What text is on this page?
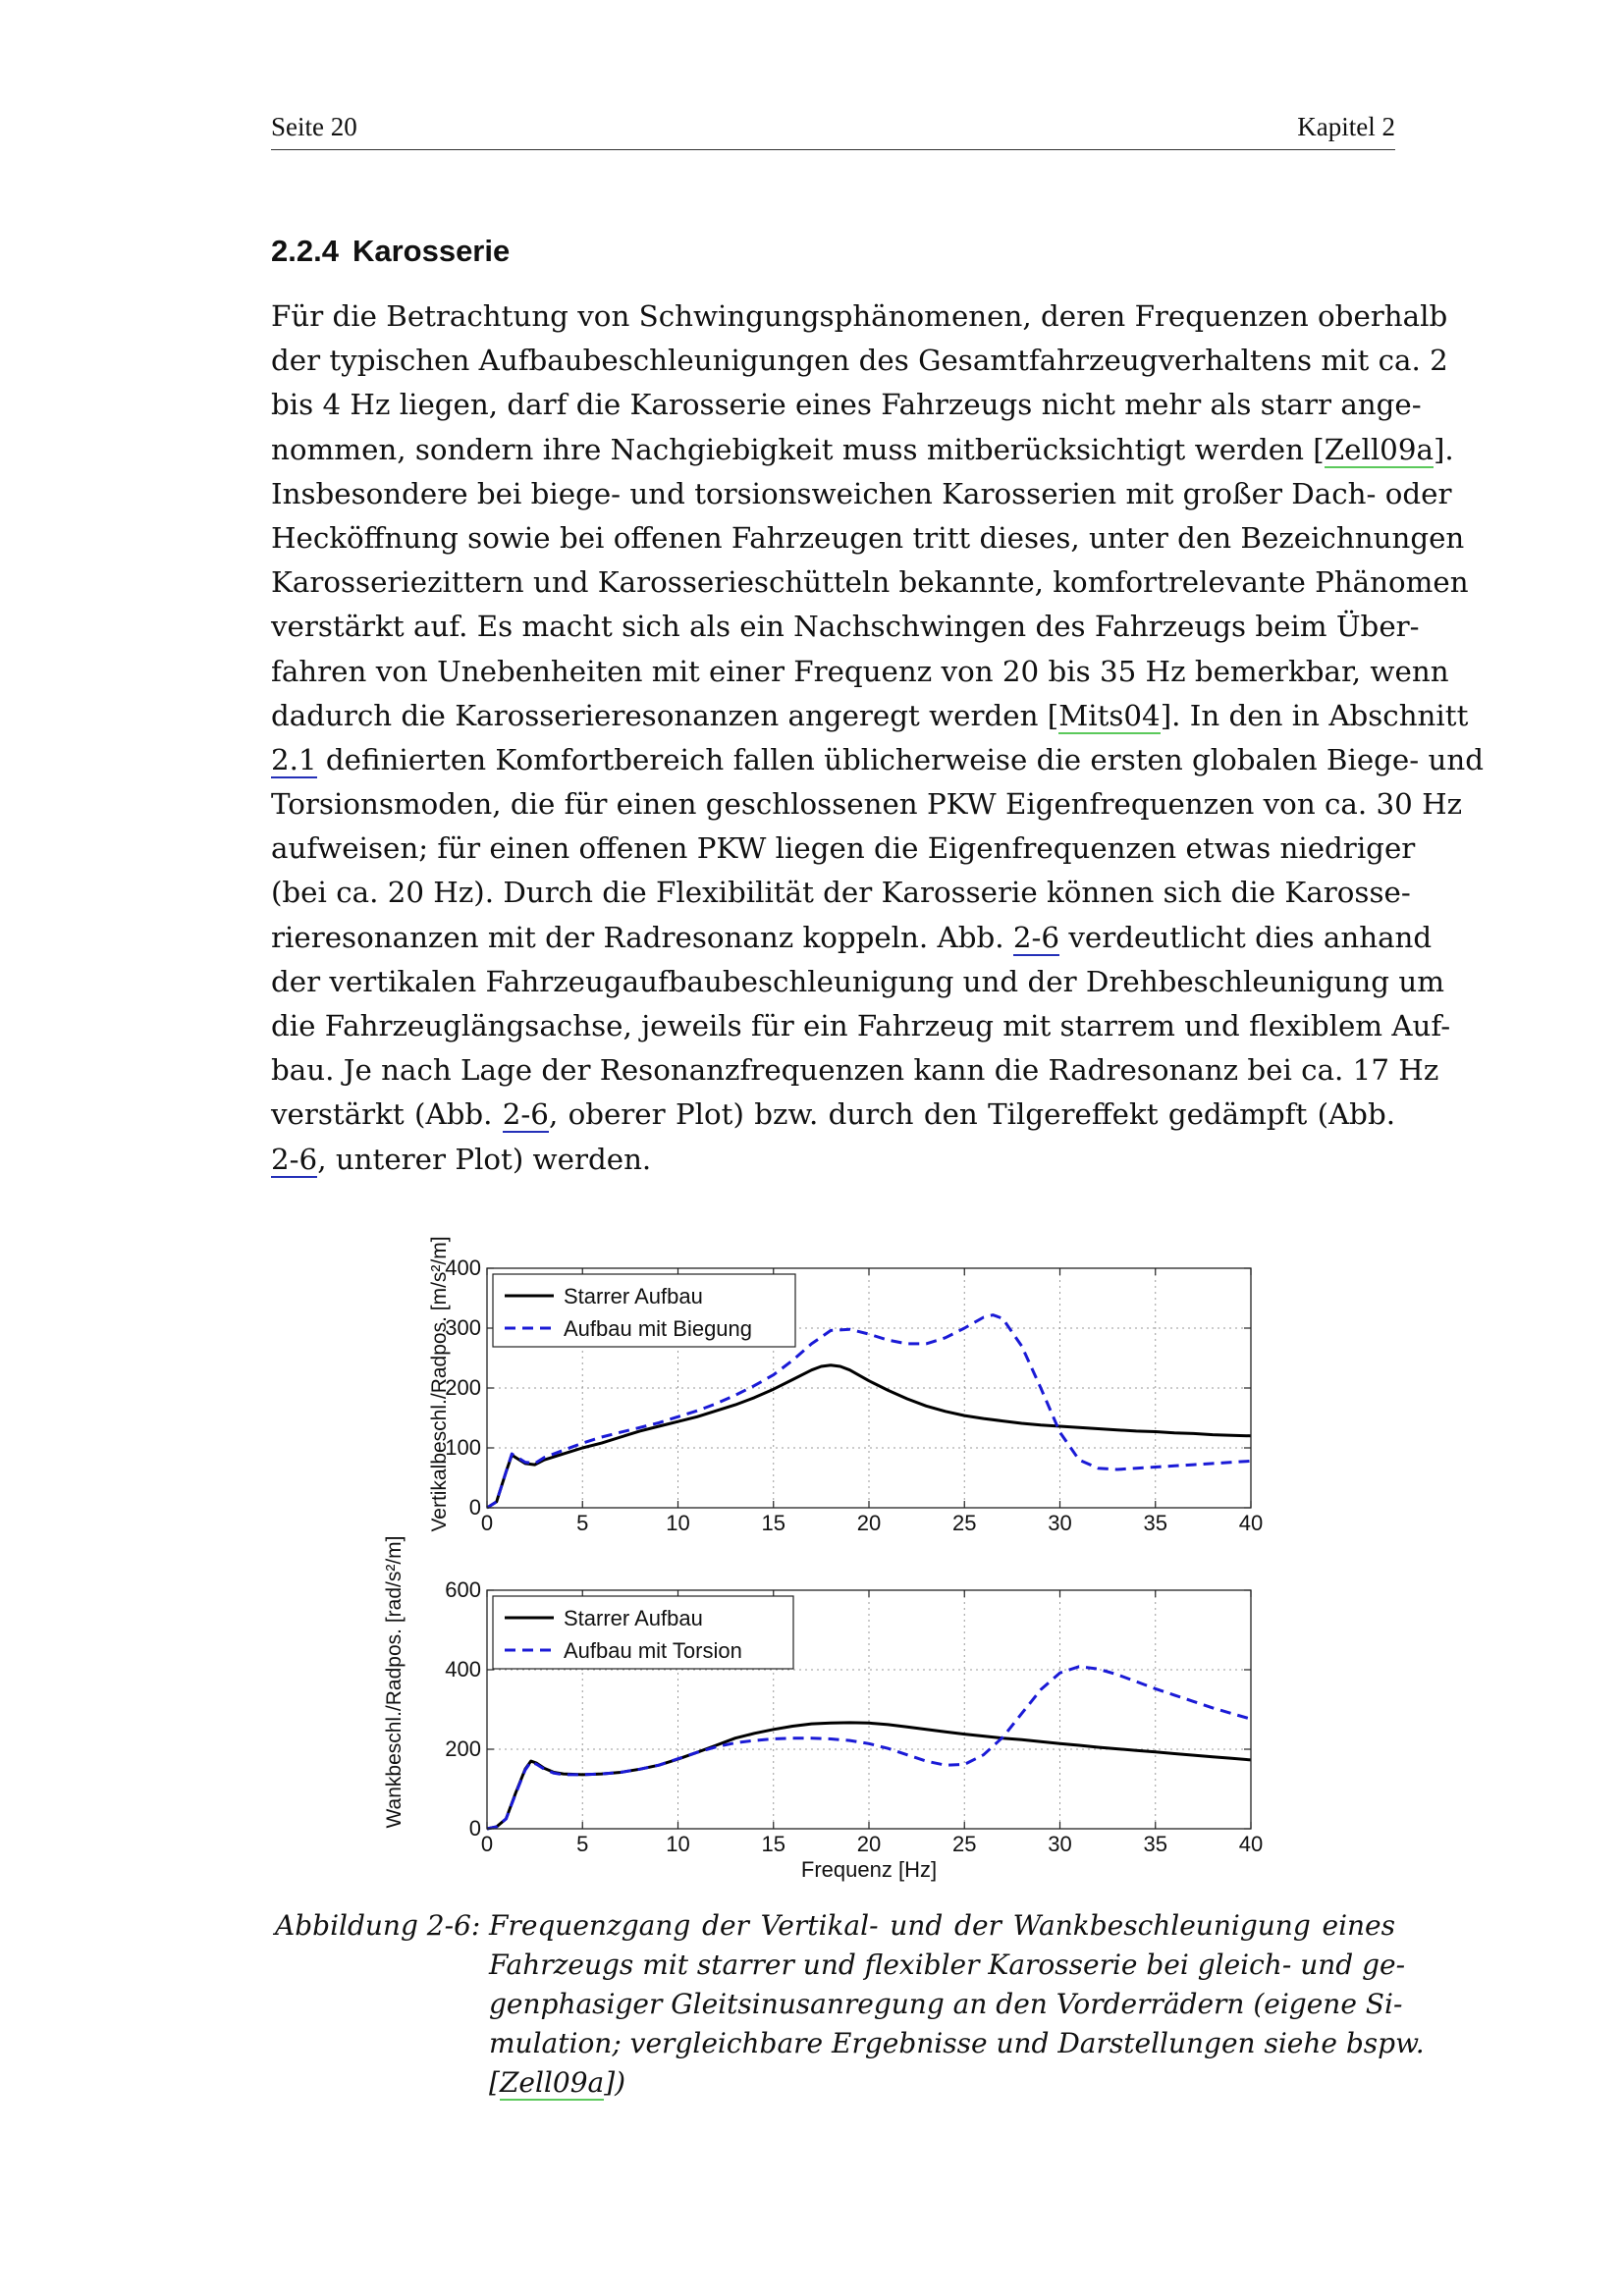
Seite 20	Kapitel 2
2.2.4 Karosserie
Für die Betrachtung von Schwingungsphänomenen, deren Frequenzen oberhalb
der typischen Aufbaubeschleunigungen des Gesamtfahrzeugverhaltens mit ca. 2
bis 4 Hz liegen, darf die Karosserie eines Fahrzeugs nicht mehr als starr ange-
nommen, sondern ihre Nachgiebigkeit muss mitberücksichtigt werden [Zell09a].
Insbesondere bei biege- und torsionsweichen Karosserien mit großer Dach- oder
Hecköffnung sowie bei offenen Fahrzeugen tritt dieses, unter den Bezeichnungen
Karosseriezittern und Karosserieschütteln bekannte, komfortrelevante Phänomen
verstärkt auf. Es macht sich als ein Nachschwingen des Fahrzeugs beim Über-
fahren von Unebenheiten mit einer Frequenz von 20 bis 35 Hz bemerkbar, wenn
dadurch die Karosserieresonanzen angeregt werden [Mits04]. In den in Abschnitt
2.1 definierten Komfortbereich fallen üblicherweise die ersten globalen Biege- und
Torsionsmoden, die für einen geschlossenen PKW Eigenfrequenzen von ca. 30 Hz
aufweisen; für einen offenen PKW liegen die Eigenfrequenzen etwas niedriger
(bei ca. 20 Hz). Durch die Flexibilität der Karosserie können sich die Karosse-
rieresonanzen mit der Radresonanz koppeln. Abb. 2-6 verdeutlicht dies anhand
der vertikalen Fahrzeugaufbaubeschleunigung und der Drehbeschleunigung um
die Fahrzeuglängsachse, jeweils für ein Fahrzeug mit starrem und flexiblem Auf-
bau. Je nach Lage der Resonanzfrequenzen kann die Radresonanz bei ca. 17 Hz
verstärkt (Abb. 2-6, oberer Plot) bzw. durch den Tilgereffekt gedämpft (Abb.
2-6, unterer Plot) werden.
0	5	10	15	20	25	30	35	40
0
100
200
300
400
Starrer Aufbau
Aufbau mit Biegung
Vertikalbeschl./Radpos. [m/s²/m]
0	5	10	15	20	25	30	35	40
0
200
400
600
Starrer Aufbau
Aufbau mit Torsion
Wankbeschl./Radpos. [rad/s²/m]
Frequenz [Hz]
Abbildung 2-6: Frequenzgang der Vertikal- und der Wankbeschleunigung eines
Fahrzeugs mit starrer und flexibler Karosserie bei gleich- und ge-
genphasiger Gleitsinusanregung an den Vorderrädern (eigene Si-
mulation; vergleichbare Ergebnisse und Darstellungen siehe bspw.
[Zell09a])
